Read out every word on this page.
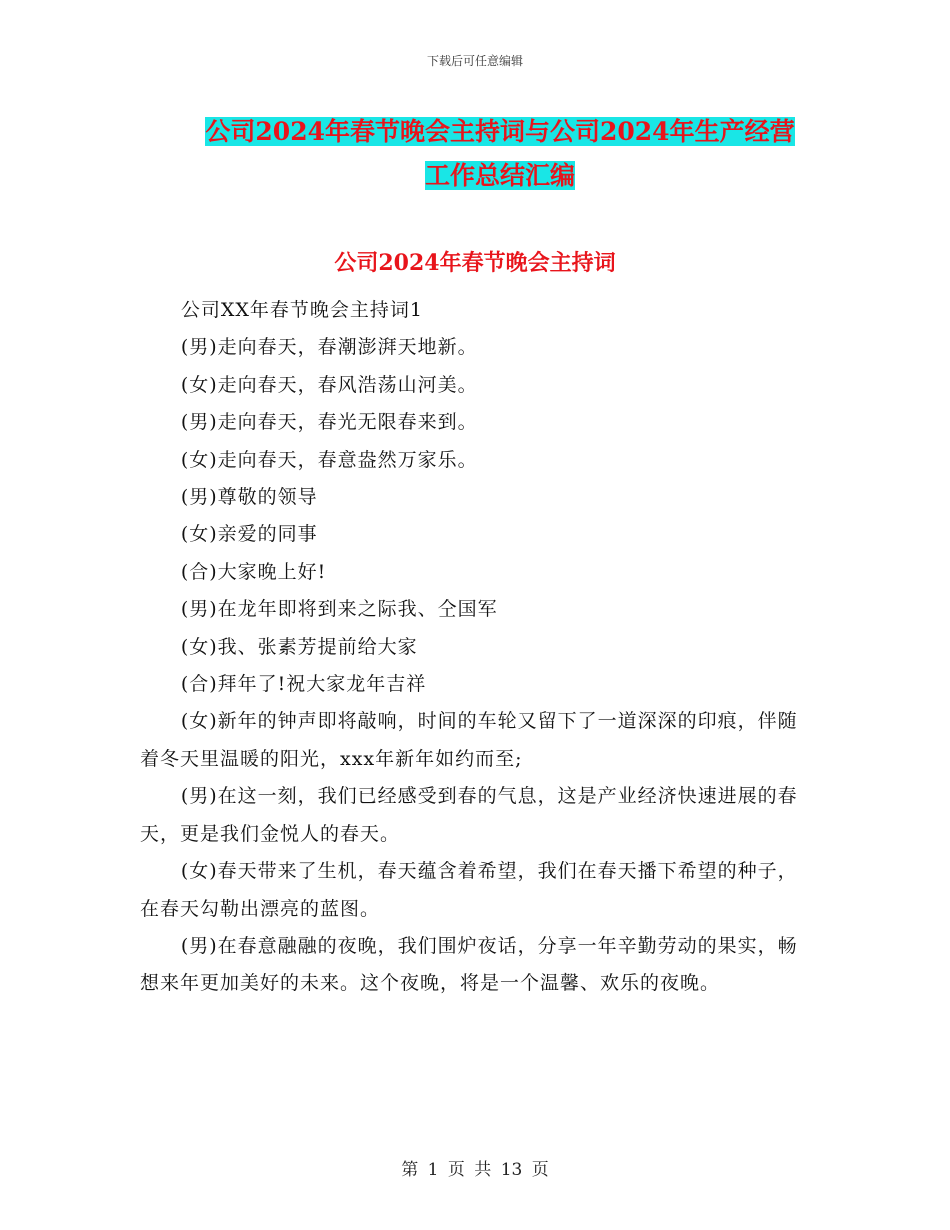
下载后可任意编辑
公司2024年春节晚会主持词与公司2024年生产经营
工作总结汇编
公司2024年春节晚会主持词

公司XX年春节晚会主持词1

(男)走向春天，春潮澎湃天地新。

(女)走向春天，春风浩荡山河美。

(男)走向春天，春光无限春来到。

(女)走向春天，春意盎然万家乐。

(男)尊敬的领导

(女)亲爱的同事

(合)大家晚上好!

(男)在龙年即将到来之际我、仝国军

(女)我、张素芳提前给大家

(合)拜年了!祝大家龙年吉祥

(女)新年的钟声即将敲响，时间的车轮又留下了一道深深的印痕，伴随着冬天里温暖的阳光，xxx年新年如约而至;

(男)在这一刻，我们已经感受到春的气息，这是产业经济快速进展的春天，更是我们金悦人的春天。

(女)春天带来了生机，春天蕴含着希望，我们在春天播下希望的种子，在春天勾勒出漂亮的蓝图。

(男)在春意融融的夜晚，我们围炉夜话，分享一年辛勤劳动的果实，畅想来年更加美好的未来。这个夜晚，将是一个温馨、欢乐的夜晚。

第 1 页 共 13 页
